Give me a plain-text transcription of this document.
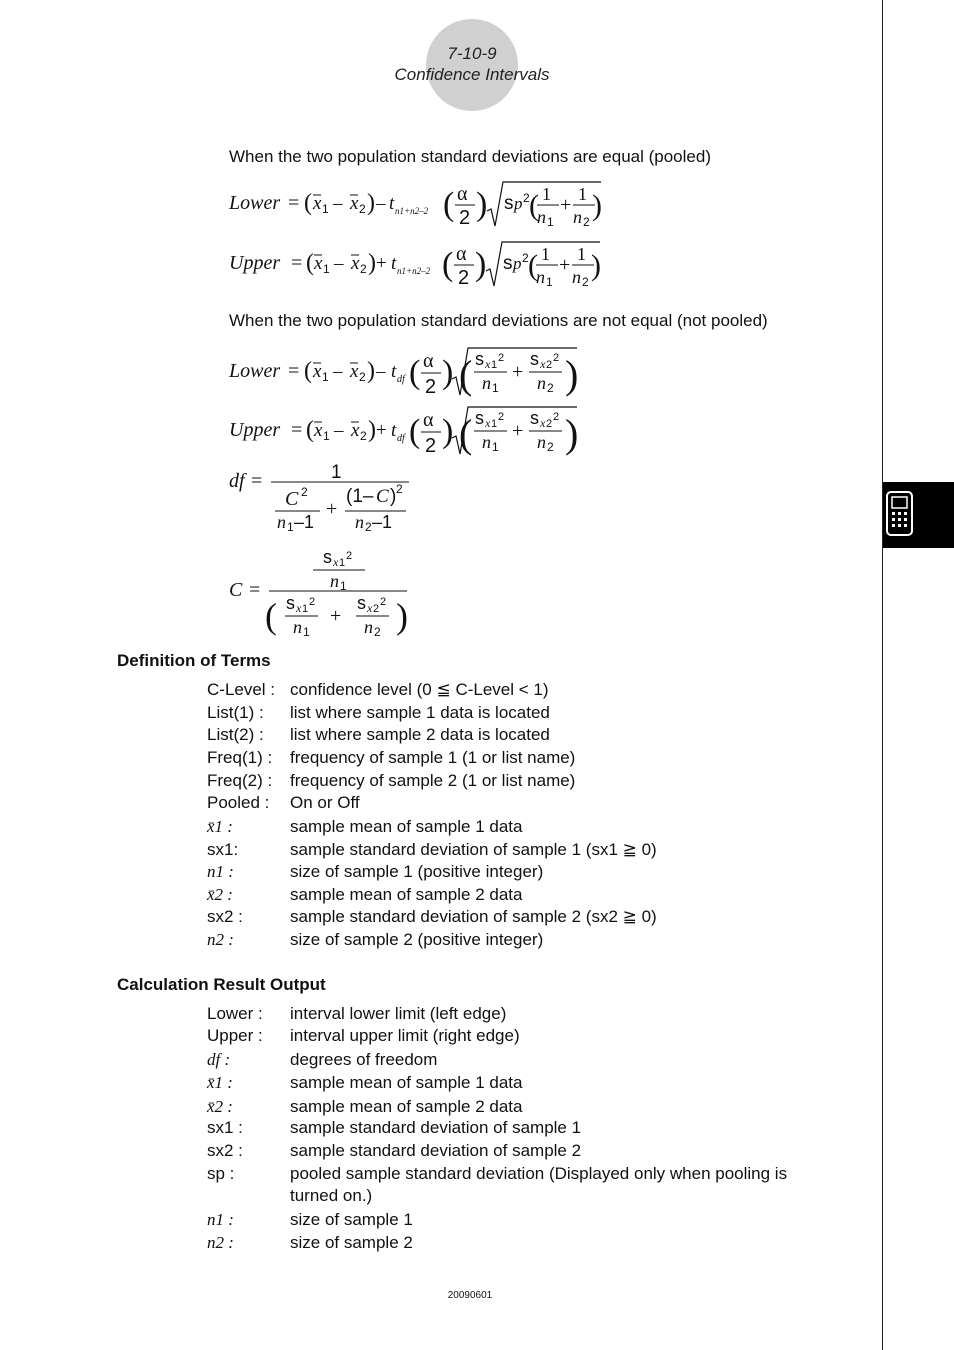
7-10-9
Confidence Intervals
When the two population standard deviations are equal (pooled)
Lower = ( x 1 – x 2 ) – t n1+n2–2 ( α
2 ) s p 2 ( 1
n 1
+ 1
n 2 )
Upper = ( x 1 – x 2 ) + t n1+n2–2 ( α
2 ) s p 2 ( 1
n 1
+ 1
n 2 )
When the two population standard deviations are not equal (not pooled)
Lower = ( x 1 – x 2 ) – t df ( α
2 ) ( s x 1
2
n 1
+
s x 2
2
n 2 )
Upper = ( x 1 – x 2 ) + t df ( α
2 ) ( s x 1
2
n 1
+
s x 2
2
n 2 )
df =	1
C 2
n 1 –1
+
(1– C ) 2
n 2 –1
C =
s x 1
2
n 1
( s x 1
2
n 1
+
s x 2
2
n 2 )
Definition of Terms
C-Level : confidence level (0 ≦ C-Level < 1)
List(1) : list where sample 1 data is located
List(2) : list where sample 2 data is located
Freq(1) : frequency of sample 1 (1 or list name)
Freq(2) : frequency of sample 2 (1 or list name)
Pooled : On or Off
x̄1 :	sample mean of sample 1 data
sx1:	sample standard deviation of sample 1 (sx1 ≧ 0)
n1 :	size of sample 1 (positive integer)
x̄2 :	sample mean of sample 2 data
sx2 :	sample standard deviation of sample 2 (sx2 ≧ 0)
n2 :	size of sample 2 (positive integer)
Calculation Result Output
Lower : interval lower limit (left edge)
Upper : interval upper limit (right edge)
df :	degrees of freedom
x̄1 :	sample mean of sample 1 data
x̄2 :	sample mean of sample 2 data
sx1 :	sample standard deviation of sample 1
sx2 :	sample standard deviation of sample 2
sp :	pooled sample standard deviation (Displayed only when pooling is
turned on.)
n1 :	size of sample 1
n2 :	size of sample 2
20090601
